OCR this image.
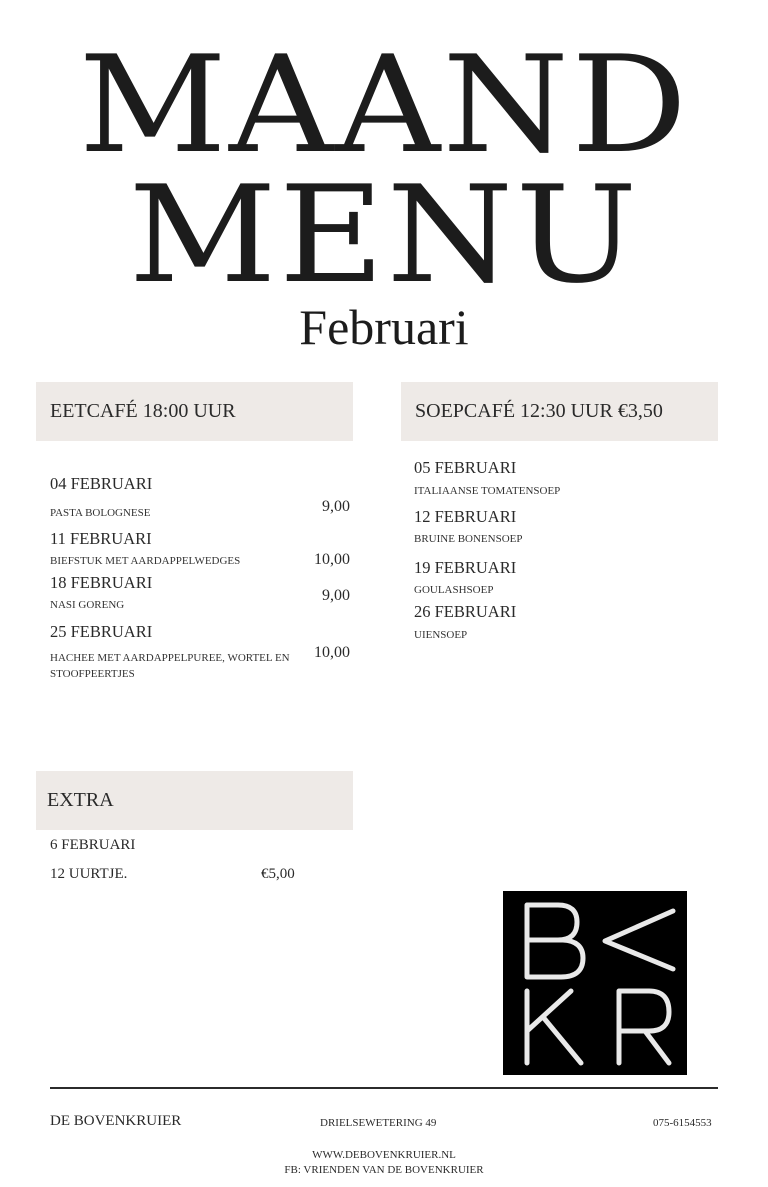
MAAND
MENU
Februari
EETCAFÉ 18:00 UUR
04 FEBRUARI
PASTA BOLOGNESE	9,00
11 FEBRUARI
BIEFSTUK MET AARDAPPELWEDGES	10,00
18 FEBRUARI
NASI GORENG
9,00
25 FEBRUARI
HACHEE MET AARDAPPELPUREE, WORTEL EN STOOFPEERTJES
10,00
SOEPCAFÉ 12:30 UUR €3,50
05 FEBRUARI
ITALIAANSE TOMATENSOEP
12 FEBRUARI
BRUINE BONENSOEP
19 FEBRUARI
GOULASHSOEP
26 FEBRUARI
UIENSOEP
EXTRA
6 FEBRUARI
12 UURTJE.	€5,00
DE BOVENKRUIER	DRIELSEWETERING 49	075-6154553
WWW.DEBOVENKRUIER.NL
FB: VRIENDEN VAN DE BOVENKRUIER
